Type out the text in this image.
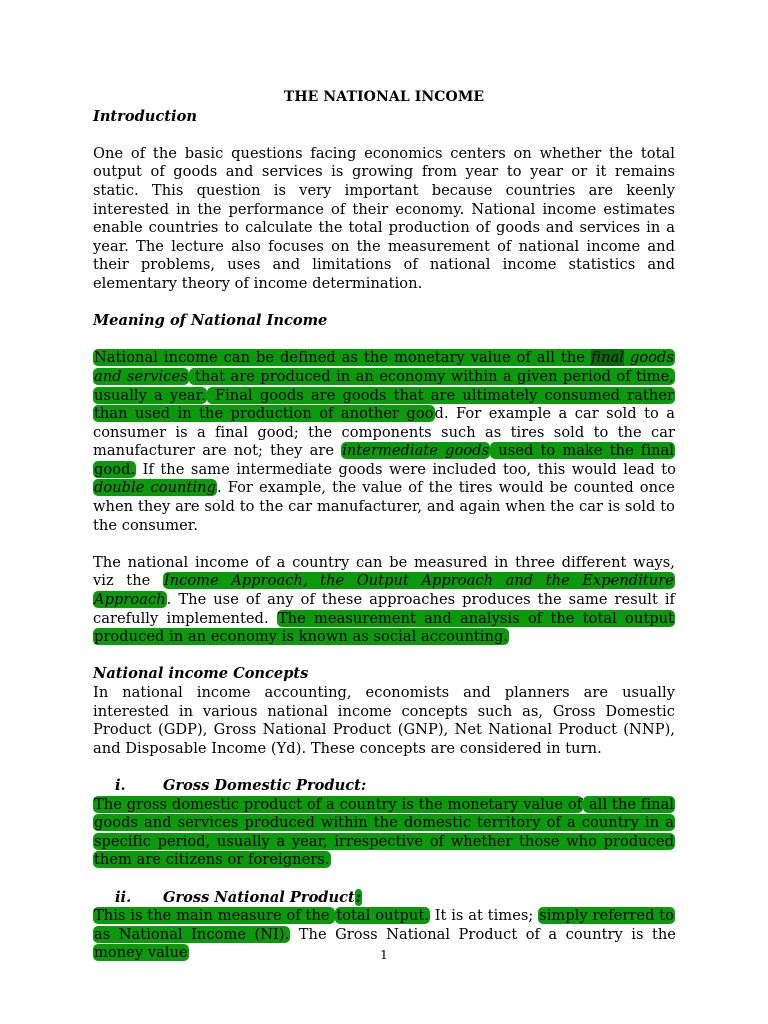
THE NATIONAL INCOME
Introduction

One of the basic questions facing economics centers on whether the total output of goods and services is growing from year to year or it remains static. This question is very important because countries are keenly interested in the performance of their economy. National income estimates enable countries to calculate the total production of goods and services in a year. The lecture also focuses on the measurement of national income and their problems, uses and limitations of national income statistics and elementary theory of income determination.

Meaning of National Income

National income can be defined as the monetary value of all the final goods and services that are produced in an economy within a given period of time, usually a year. Final goods are goods that are ultimately consumed rather than used in the production of another good. For example a car sold to a consumer is a final good; the components such as tires sold to the car manufacturer are not; they are intermediate goods used to make the final good. If the same intermediate goods were included too, this would lead to double counting. For example, the value of the tires would be counted once when they are sold to the car manufacturer, and again when the car is sold to the consumer.

The national income of a country can be measured in three different ways, viz the Income Approach, the Output Approach and the Expenditure Approach. The use of any of these approaches produces the same result if carefully implemented. The measurement and analysis of the total output produced in an economy is known as social accounting.

National income Concepts

In national income accounting, economists and planners are usually interested in various national income concepts such as, Gross Domestic Product (GDP), Gross National Product (GNP), Net National Product (NNP), and Disposable Income (Yd). These concepts are considered in turn.

i.	Gross Domestic Product:

The gross domestic product of a country is the monetary value of all the final goods and services produced within the domestic territory of a country in a specific period, usually a year, irrespective of whether those who produced them are citizens or foreigners.

ii.	Gross National Product:

This is the main measure of the total output. It is at times; simply referred to as National Income (NI). The Gross National Product of a country is the money value	1
